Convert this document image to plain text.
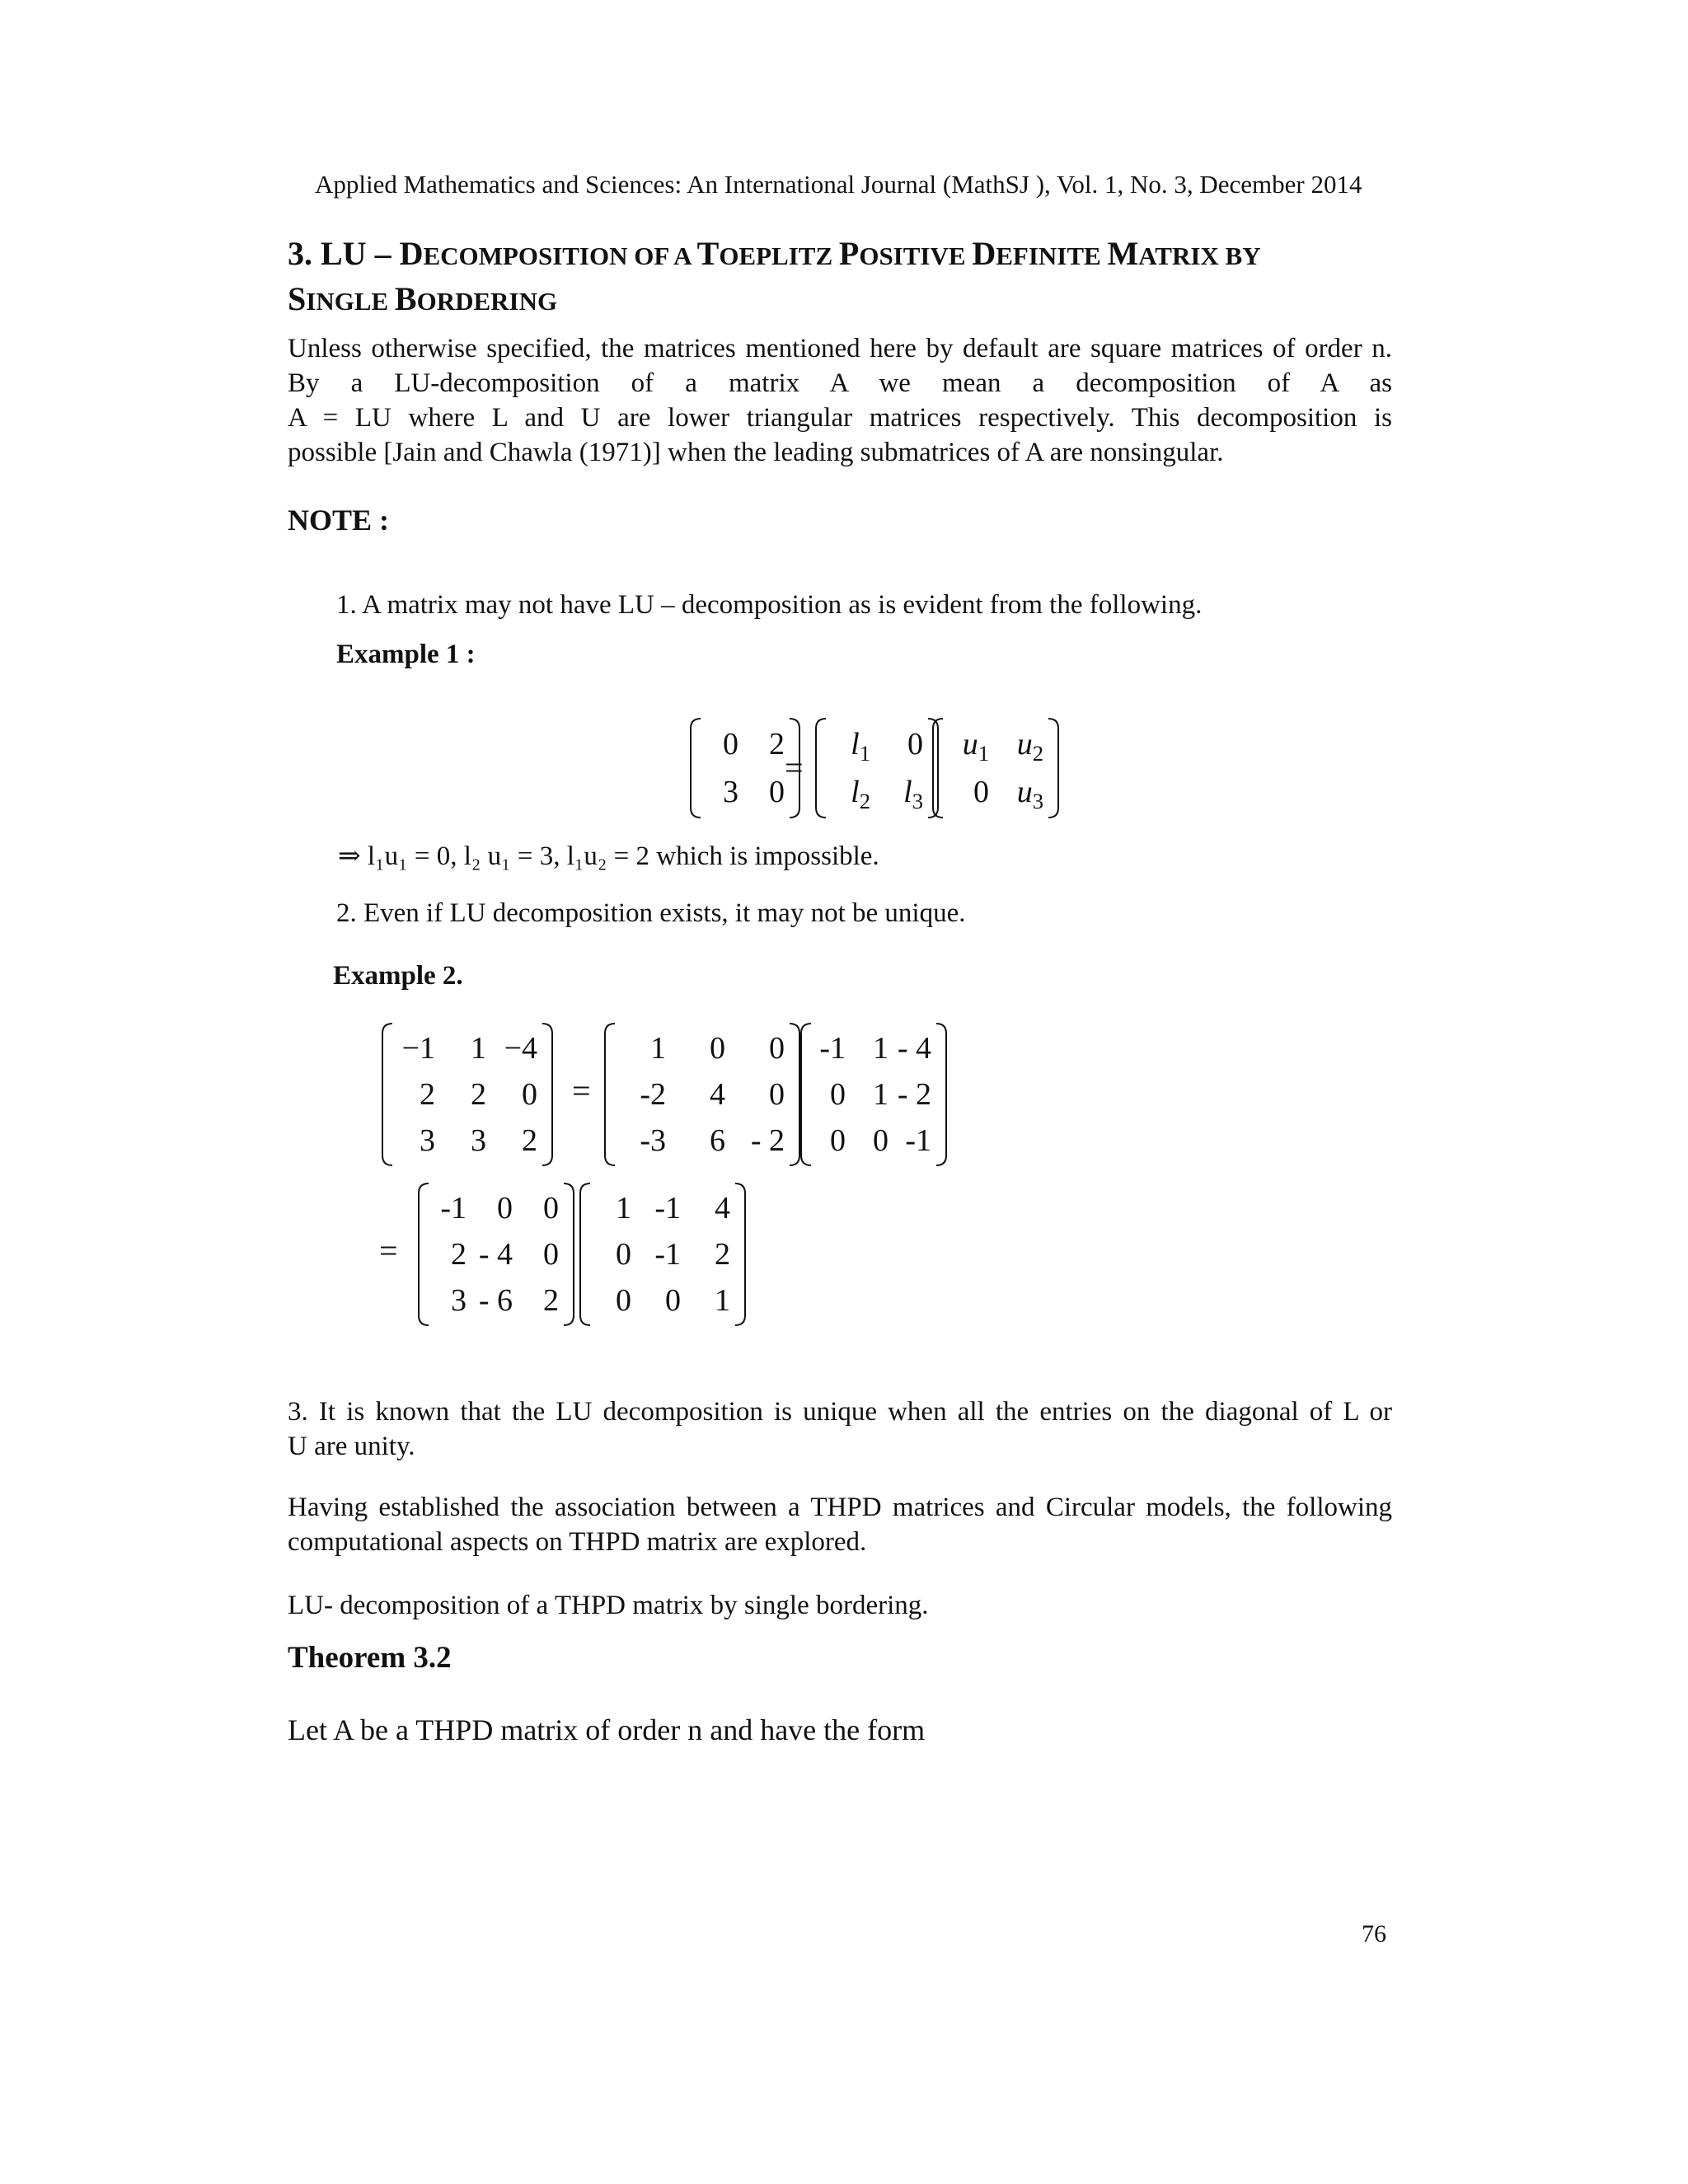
Applied Mathematics and Sciences: An International Journal (MathSJ ), Vol. 1, No. 3, December 2014
3. LU – DECOMPOSITION OF A TOEPLITZ POSITIVE DEFINITE MATRIX BY
SINGLE BORDERING
Unless otherwise specified, the matrices mentioned here by default are square matrices of order n.
By a LU-decomposition of a matrix A we mean a decomposition of A as
A = LU where L and U are lower triangular matrices respectively. This decomposition is
possible [Jain and Chawla (1971)] when the leading submatrices of A are nonsingular.
NOTE :
1. A matrix may not have LU – decomposition as is evident from the following.
Example 1 :
0 2
3 0
=
$l_1$	0
$l_2$	$l_3$
$u_1$ $u_2$
0 $u_3$
⇒ l₁u₁ = 0, l₂ u₁ = 3, l₁u₂ = 2 which is impossible.
2. Even if LU decomposition exists, it may not be unique.
Example 2.
−1	1 −4
2	2	0
3	3	2
=
1	0	0
-2	4	0
-3	6 - 2
-1 1 - 4
0 1 - 2
0 0 -1
=
-1 0 0
2 - 4 0
3 - 6 2
1 -1	4
0 -1	2
0	0	1
3. It is known that the LU decomposition is unique when all the entries on the diagonal of L or
U are unity.
Having established the association between a THPD matrices and Circular models, the following computational aspects on THPD matrix are explored.
LU- decomposition of a THPD matrix by single bordering.
Theorem 3.2
Let A be a THPD matrix of order n and have the form
76
